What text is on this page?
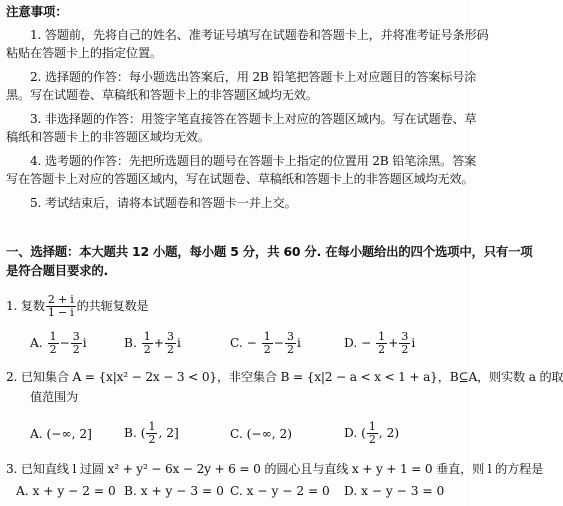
注意事项：
1. 答题前，先将自己的姓名、准考证号填写在试题卷和答题卡上，并将准考证号条形码
粘贴在答题卡上的指定位置。
2. 选择题的作答：每小题选出答案后，用 2B 铅笔把答题卡上对应题目的答案标号涂
黑。写在试题卷、草稿纸和答题卡上的非答题区域均无效。
3. 非选择题的作答：用签字笔直接答在答题卡上对应的答题区域内。写在试题卷、草
稿纸和答题卡上的非答题区域均无效。
4. 选考题的作答：先把所选题目的题号在答题卡上指定的位置用 2B 铅笔涂黑。答案
写在答题卡上对应的答题区域内，写在试题卷、草稿纸和答题卡上的非答题区域均无效。
5. 考试结束后，请将本试题卷和答题卡一并上交。
一、选择题：本大题共 12 小题，每小题 5 分，共 60 分. 在每小题给出的四个选项中，只有一项
是符合题目要求的.
1. 复数 $\frac{2 + i}{1 - i}$ 的共轭复数是
A. $\frac{1}{2} - \frac{3}{2}$ i	B. $\frac{1}{2} + \frac{3}{2}$ i	C. − $\frac{1}{2} - \frac{3}{2}$ i	D. − $\frac{1}{2} + \frac{3}{2}$ i
2. 已知集合 A = {x|x² − 2x − 3 < 0}，非空集合 B = {x|2 − a < x < 1 + a}，B⊆A，则实数 a 的取
值范围为
A. (−∞, 2]	B. ( $\frac{1}{2}$ , 2]	C. (−∞, 2)	D. ( $\frac{1}{2}$ , 2)
3. 已知直线 l 过圆 x² + y² − 6x − 2y + 6 = 0 的圆心且与直线 x + y + 1 = 0 垂直，则 l 的方程是
A. x + y − 2 = 0 B. x + y − 3 = 0 C. x − y − 2 = 0 D. x − y − 3 = 0
